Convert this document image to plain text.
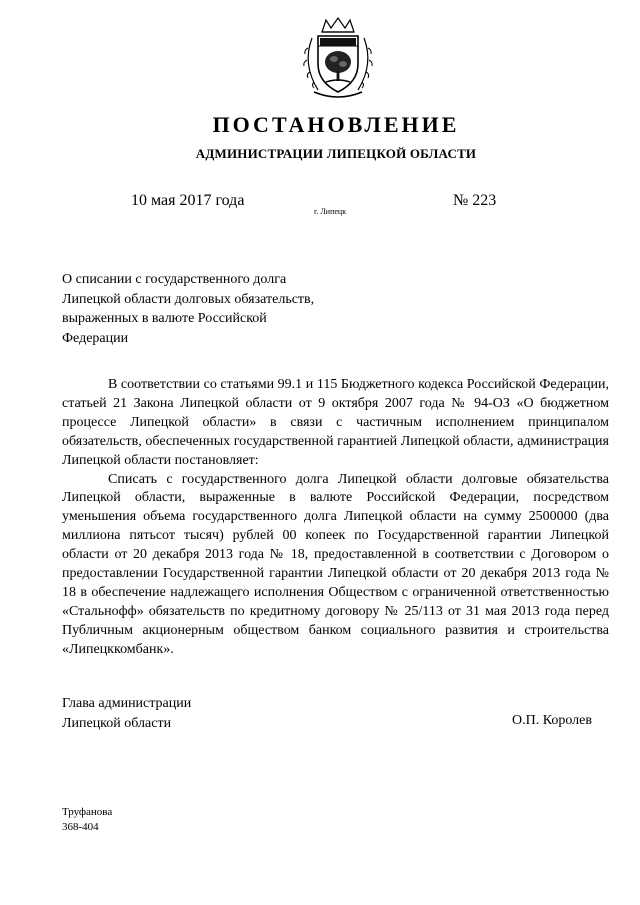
ПОСТАНОВЛЕНИЕ
АДМИНИСТРАЦИИ ЛИПЕЦКОЙ ОБЛАСТИ
10 мая 2017 года
г. Липецк
№ 223
О списании с государственного долга
Липецкой области долговых обязательств,
выраженных в валюте Российской
Федерации

В соответствии со статьями 99.1 и 115 Бюджетного кодекса Российской Федерации, статьей 21 Закона Липецкой области от 9 октября 2007 года № 94-ОЗ «О бюджетном процессе Липецкой области» в связи с частичным исполнением принципалом обязательств, обеспеченных государственной гарантией Липецкой области, администрация Липецкой области постановляет:

Списать с государственного долга Липецкой области долговые обязательства Липецкой области, выраженные в валюте Российской Федерации, посредством уменьшения объема государственного долга Липецкой области на сумму 2500000 (два миллиона пятьсот тысяч) рублей 00 копеек по Государственной гарантии Липецкой области от 20 декабря 2013 года № 18, предоставленной в соответствии с Договором о предоставлении Государственной гарантии Липецкой области от 20 декабря 2013 года № 18 в обеспечение надлежащего исполнения Обществом с ограниченной ответственностью «Стальнофф» обязательств по кредитному договору № 25/113 от 31 мая 2013 года перед Публичным акционерным обществом банком социального развития и строительства «Липецккомбанк».

Глава администрации
Липецкой области	О.П. Королев
Труфанова
368-404
